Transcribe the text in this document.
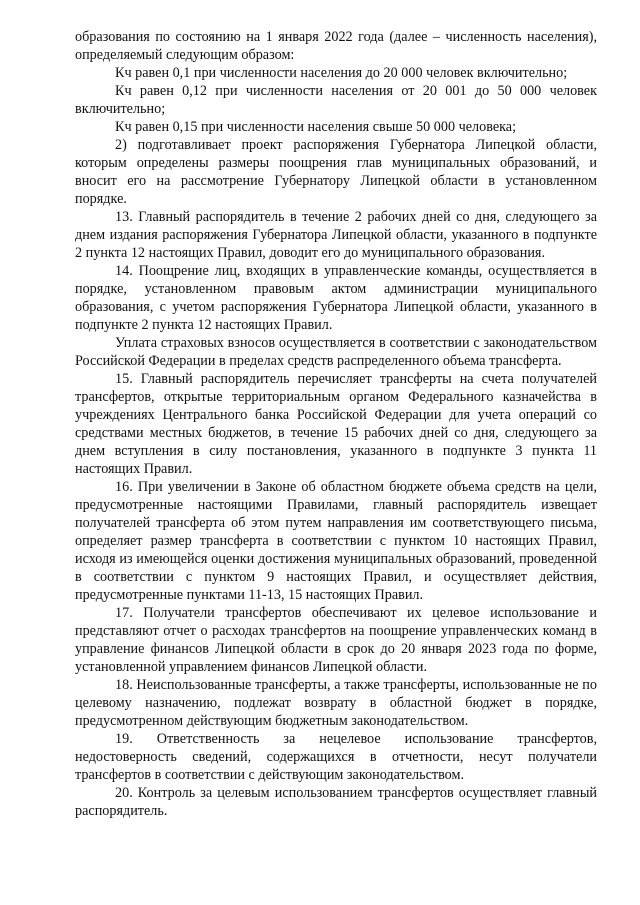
образования по состоянию на 1 января 2022 года (далее – численность населения), определяемый следующим образом:

Кч равен 0,1 при численности населения до 20 000 человек включительно;

Кч равен 0,12 при численности населения от 20 001 до 50 000 человек включительно;

Кч равен 0,15 при численности населения свыше 50 000 человека;

2) подготавливает проект распоряжения Губернатора Липецкой области, которым определены размеры поощрения глав муниципальных образований, и вносит его на рассмотрение Губернатору Липецкой области в установленном порядке.

13. Главный распорядитель в течение 2 рабочих дней со дня, следующего за днем издания распоряжения Губернатора Липецкой области, указанного в подпункте 2 пункта 12 настоящих Правил, доводит его до муниципального образования.

14. Поощрение лиц, входящих в управленческие команды, осуществляется в порядке, установленном правовым актом администрации муниципального образования, с учетом распоряжения Губернатора Липецкой области, указанного в подпункте 2 пункта 12 настоящих Правил.

Уплата страховых взносов осуществляется в соответствии с законодательством Российской Федерации в пределах средств распределенного объема трансферта.

15. Главный распорядитель перечисляет трансферты на счета получателей трансфертов, открытые территориальным органом Федерального казначейства в учреждениях Центрального банка Российской Федерации для учета операций со средствами местных бюджетов, в течение 15 рабочих дней со дня, следующего за днем вступления в силу постановления, указанного в подпункте 3 пункта 11 настоящих Правил.

16. При увеличении в Законе об областном бюджете объема средств на цели, предусмотренные настоящими Правилами, главный распорядитель извещает получателей трансферта об этом путем направления им соответствующего письма, определяет размер трансферта в соответствии с пунктом 10 настоящих Правил, исходя из имеющейся оценки достижения муниципальных образований, проведенной в соответствии с пунктом 9 настоящих Правил, и осуществляет действия, предусмотренные пунктами 11-13, 15 настоящих Правил.

17. Получатели трансфертов обеспечивают их целевое использование и представляют отчет о расходах трансфертов на поощрение управленческих команд в управление финансов Липецкой области в срок до 20 января 2023 года по форме, установленной управлением финансов Липецкой области.

18. Неиспользованные трансферты, а также трансферты, использованные не по целевому назначению, подлежат возврату в областной бюджет в порядке, предусмотренном действующим бюджетным законодательством.

19. Ответственность за нецелевое использование трансфертов, недостоверность сведений, содержащихся в отчетности, несут получатели трансфертов в соответствии с действующим законодательством.

20. Контроль за целевым использованием трансфертов осуществляет главный распорядитель.
